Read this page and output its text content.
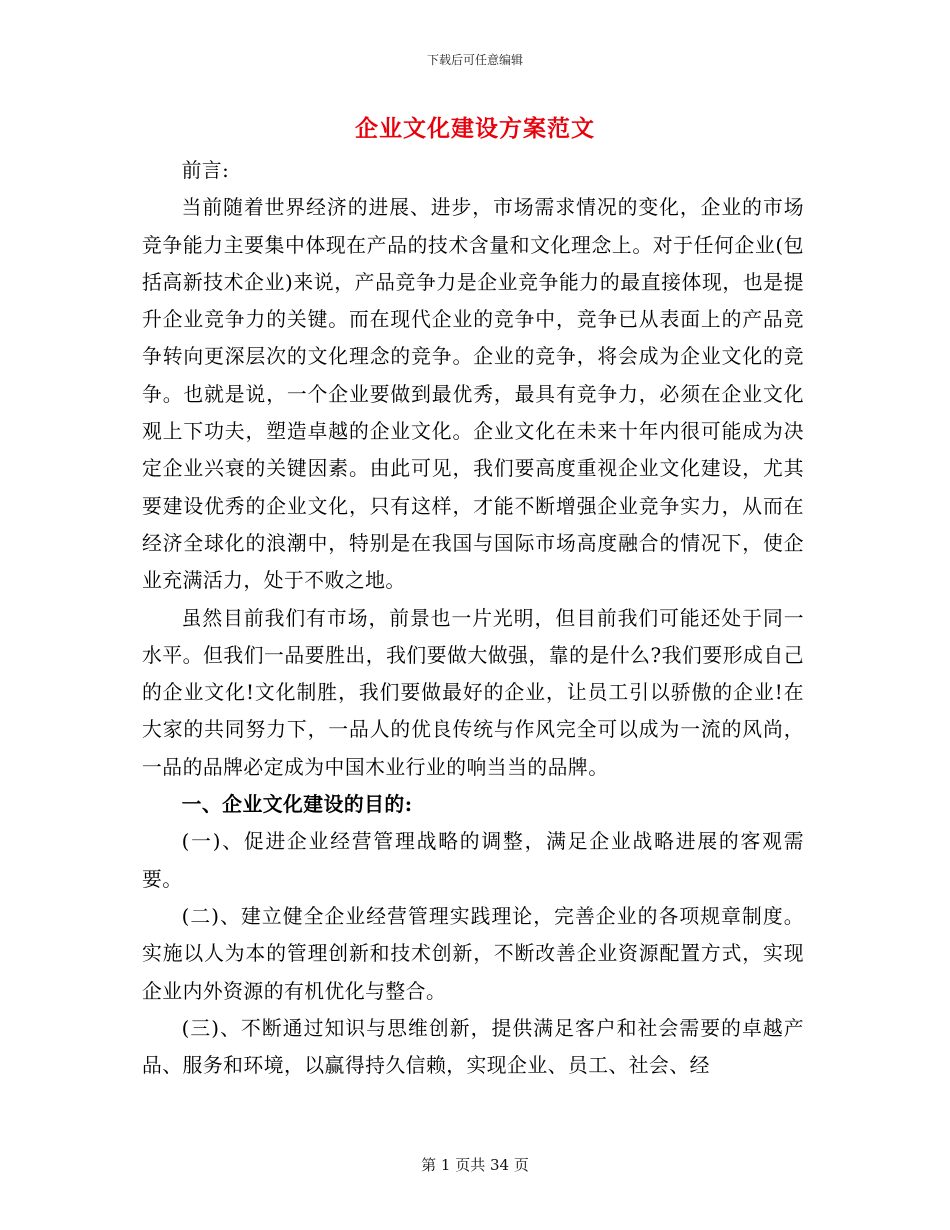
下载后可任意编辑
企业文化建设方案范文

前言:

当前随着世界经济的进展、进步，市场需求情况的变化，企业的市场竞争能力主要集中体现在产品的技术含量和文化理念上。对于任何企业(包括高新技术企业)来说，产品竞争力是企业竞争能力的最直接体现，也是提升企业竞争力的关键。而在现代企业的竞争中，竞争已从表面上的产品竞争转向更深层次的文化理念的竞争。企业的竞争，将会成为企业文化的竞争。也就是说，一个企业要做到最优秀，最具有竞争力，必须在企业文化观上下功夫，塑造卓越的企业文化。企业文化在未来十年内很可能成为决定企业兴衰的关键因素。由此可见，我们要高度重视企业文化建设，尤其要建设优秀的企业文化，只有这样，才能不断增强企业竞争实力，从而在经济全球化的浪潮中，特别是在我国与国际市场高度融合的情况下，使企业充满活力，处于不败之地。

虽然目前我们有市场，前景也一片光明，但目前我们可能还处于同一水平。但我们一品要胜出，我们要做大做强，靠的是什么?我们要形成自己的企业文化!文化制胜，我们要做最好的企业，让员工引以骄傲的企业!在大家的共同努力下，一品人的优良传统与作风完全可以成为一流的风尚，一品的品牌必定成为中国木业行业的响当当的品牌。

一、企业文化建设的目的:

(一)、促进企业经营管理战略的调整，满足企业战略进展的客观需要。

(二)、建立健全企业经营管理实践理论，完善企业的各项规章制度。实施以人为本的管理创新和技术创新，不断改善企业资源配置方式，实现企业内外资源的有机优化与整合。

(三)、不断通过知识与思维创新，提供满足客户和社会需要的卓越产品、服务和环境，以赢得持久信赖，实现企业、员工、社会、经

第 1 页共 34 页
